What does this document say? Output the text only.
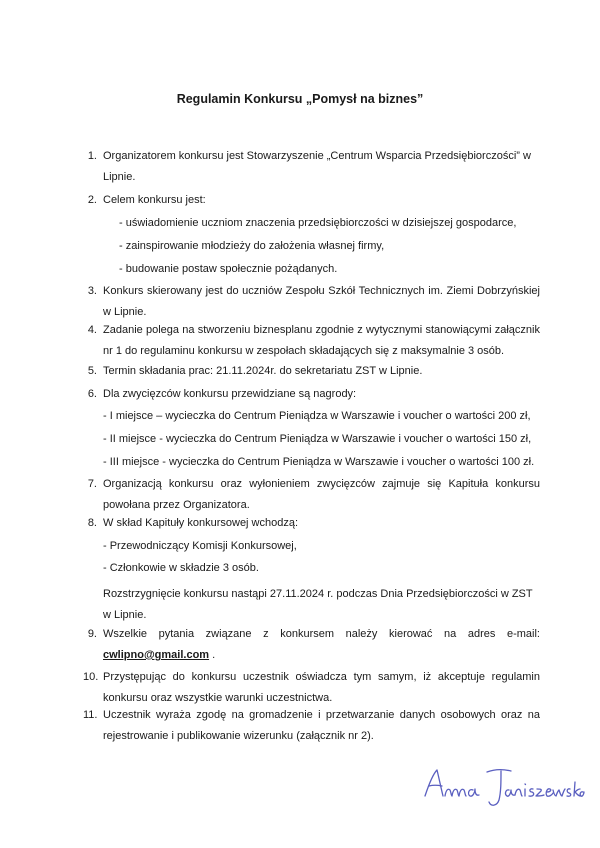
Regulamin Konkursu „Pomysł na biznes”
1. Organizatorem konkursu jest Stowarzyszenie „Centrum Wsparcia Przedsiębiorczości” w Lipnie.
2. Celem konkursu jest:
- uświadomienie uczniom znaczenia przedsiębiorczości w dzisiejszej gospodarce,
- zainspirowanie młodzieży do założenia własnej firmy,
- budowanie postaw społecznie pożądanych.
3. Konkurs skierowany jest do uczniów Zespołu Szkół Technicznych im. Ziemi Dobrzyńskiej w Lipnie.
4. Zadanie polega na stworzeniu biznesplanu zgodnie z wytycznymi stanowiącymi załącznik nr 1 do regulaminu konkursu w zespołach składających się z maksymalnie 3 osób.
5. Termin składania prac: 21.11.2024r. do sekretariatu ZST w Lipnie.
6. Dla zwycięzców konkursu przewidziane są nagrody:
- I miejsce – wycieczka do Centrum Pieniądza w Warszawie i voucher o wartości 200 zł,
- II miejsce - wycieczka do Centrum Pieniądza w Warszawie i voucher o wartości 150 zł,
- III miejsce - wycieczka do Centrum Pieniądza w Warszawie i voucher o wartości 100 zł.
7. Organizacją konkursu oraz wyłonieniem zwycięzców zajmuje się Kapituła konkursu powołana przez Organizatora.
8. W skład Kapituły konkursowej wchodzą:
- Przewodniczący Komisji Konkursowej,
- Członkowie w składzie 3 osób.
Rozstrzygnięcie konkursu nastąpi 27.11.2024 r. podczas Dnia Przedsiębiorczości w ZST w Lipnie.
9. Wszelkie pytania związane z konkursem należy kierować na adres e-mail:
cwlipno@gmail.com .
10. Przystępując do konkursu uczestnik oświadcza tym samym, iż akceptuje regulamin konkursu oraz wszystkie warunki uczestnictwa.
11. Uczestnik wyraża zgodę na gromadzenie i przetwarzanie danych osobowych oraz na rejestrowanie i publikowanie wizerunku (załącznik nr 2).
